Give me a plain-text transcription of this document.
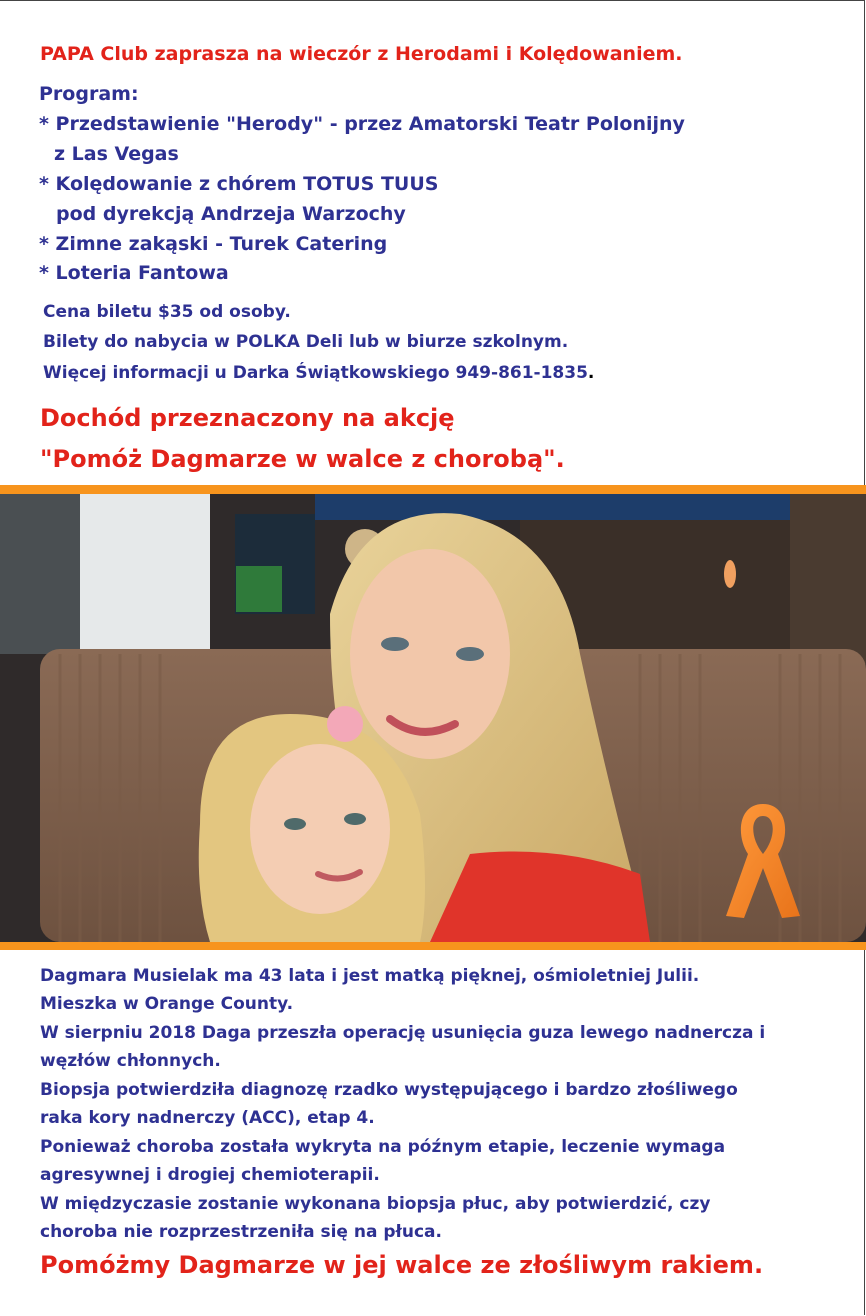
PAPA Club zaprasza na wieczór z Herodami i Kolędowaniem.
Program:
* Przedstawienie "Herody" - przez Amatorski Teatr Polonijny
z Las Vegas
* Kolędowanie z chórem TOTUS TUUS
pod dyrekcją Andrzeja Warzochy
* Zimne zakąski - Turek Catering
* Loteria Fantowa
Cena biletu $35 od osoby.
Bilety do nabycia w POLKA Deli lub w biurze szkolnym.
Więcej informacji u Darka Świątkowskiego 949-861-1835.
Dochód przeznaczony na akcję
"Pomóż Dagmarze w walce z chorobą".
Dagmara Musielak ma 43 lata i jest matką pięknej, ośmioletniej Julii.
Mieszka w Orange County.
W sierpniu 2018 Daga przeszła operację usunięcia guza lewego nadnercza i
węzłów chłonnych.
Biopsja potwierdziła diagnozę rzadko występującego i bardzo złośliwego
raka kory nadnerczy (ACC), etap 4.
Ponieważ choroba została wykryta na późnym etapie, leczenie wymaga
agresywnej i drogiej chemioterapii.
W międzyczasie zostanie wykonana biopsja płuc, aby potwierdzić, czy
choroba nie rozprzestrzeniła się na płuca.
Pomóżmy Dagmarze w jej walce ze złośliwym rakiem.
